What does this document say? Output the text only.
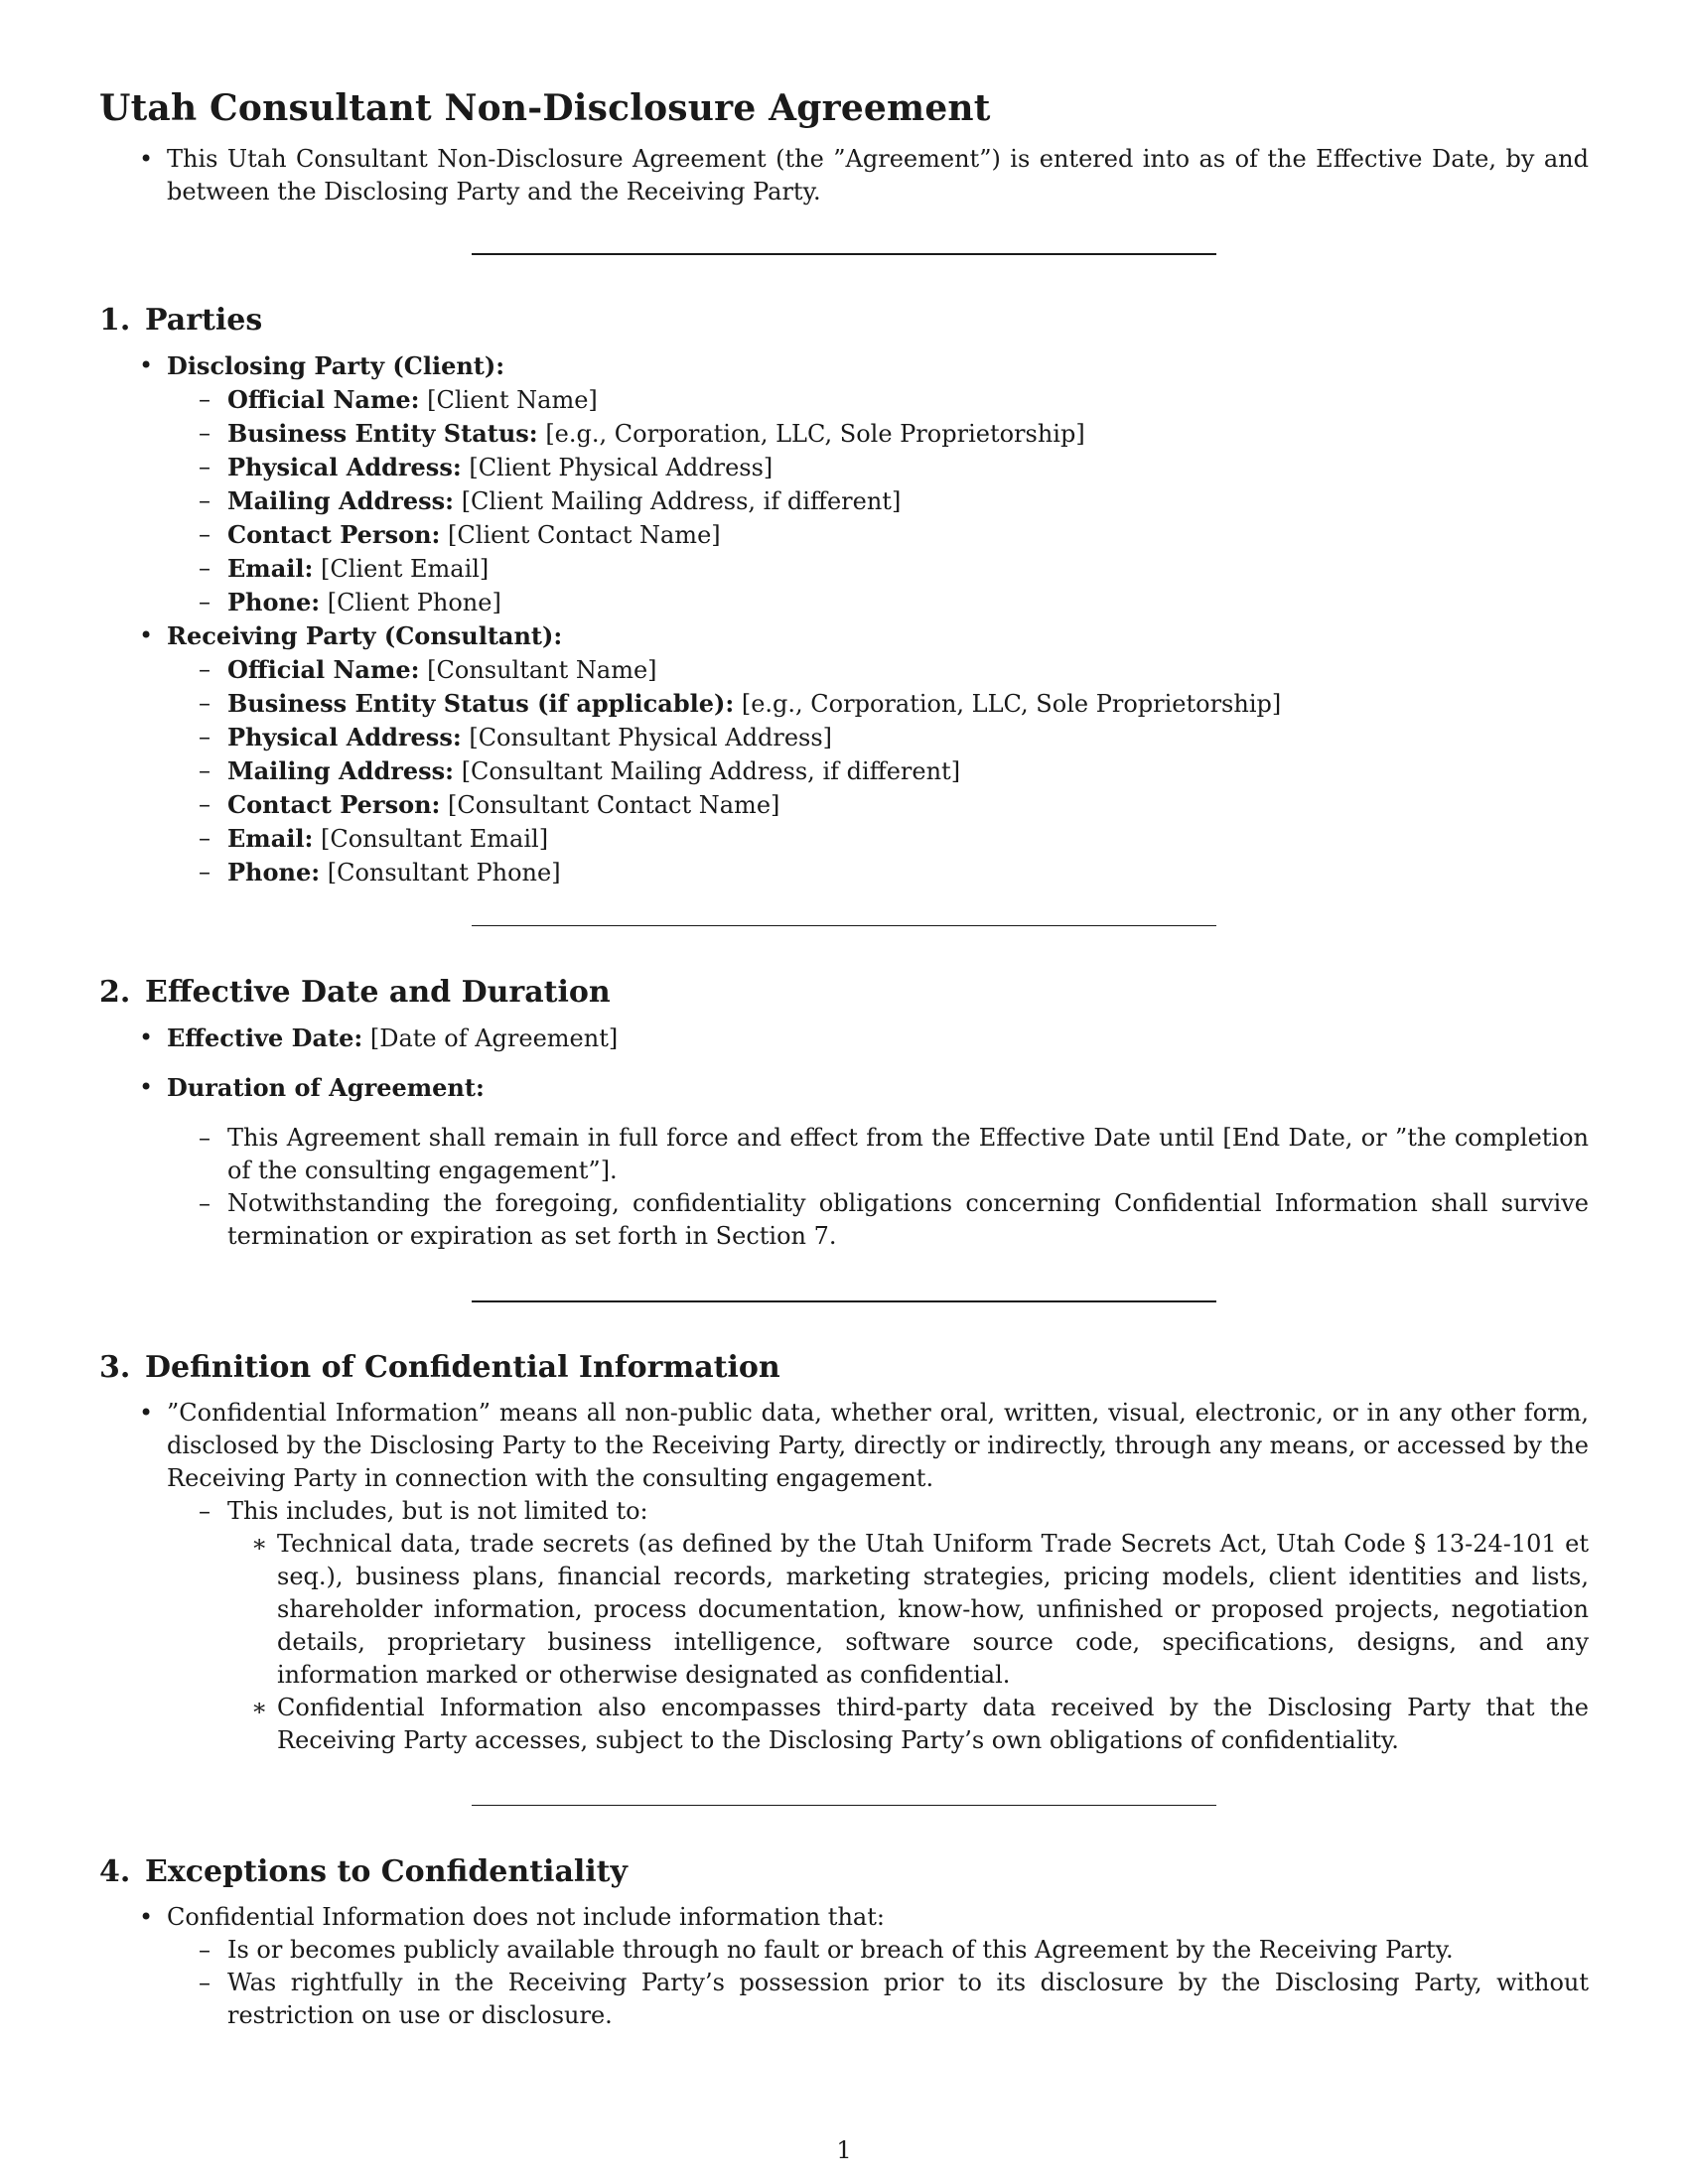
Utah Consultant Non-Disclosure Agreement
• This Utah Consultant Non-Disclosure Agreement (the ”Agreement”) is entered into as of the Effective Date, by and between the Disclosing Party and the Receiving Party.
1. Parties
• Disclosing Party (Client):
– Official Name: [Client Name]
– Business Entity Status: [e.g., Corporation, LLC, Sole Proprietorship]
– Physical Address: [Client Physical Address]
– Mailing Address: [Client Mailing Address, if different]
– Contact Person: [Client Contact Name]
– Email: [Client Email]
– Phone: [Client Phone]
• Receiving Party (Consultant):
– Official Name: [Consultant Name]
– Business Entity Status (if applicable): [e.g., Corporation, LLC, Sole Proprietorship]
– Physical Address: [Consultant Physical Address]
– Mailing Address: [Consultant Mailing Address, if different]
– Contact Person: [Consultant Contact Name]
– Email: [Consultant Email]
– Phone: [Consultant Phone]
2. Effective Date and Duration
• Effective Date: [Date of Agreement]
• Duration of Agreement:
– This Agreement shall remain in full force and effect from the Effective Date until [End Date, or ”the completion of the consulting engagement”].
– Notwithstanding the foregoing, confidentiality obligations concerning Confidential Information shall survive termination or expiration as set forth in Section 7.
3. Definition of Confidential Information
• ”Confidential Information” means all non-public data, whether oral, written, visual, electronic, or in any other form, disclosed by the Disclosing Party to the Receiving Party, directly or indirectly, through any means, or accessed by the Receiving Party in connection with the consulting engagement.
– This includes, but is not limited to:
∗ Technical data, trade secrets (as defined by the Utah Uniform Trade Secrets Act, Utah Code § 13-24-101 et seq.), business plans, financial records, marketing strategies, pricing models, client identities and lists, shareholder information, process documentation, know-how, unfinished or proposed projects, negotiation details, proprietary business intelligence, software source code, specifications, designs, and any information marked or otherwise designated as confidential.
∗ Confidential Information also encompasses third-party data received by the Disclosing Party that the Receiving Party accesses, subject to the Disclosing Party’s own obligations of confidentiality.
4. Exceptions to Confidentiality
• Confidential Information does not include information that:
– Is or becomes publicly available through no fault or breach of this Agreement by the Receiving Party.
– Was rightfully in the Receiving Party’s possession prior to its disclosure by the Disclosing Party, without restriction on use or disclosure.
1
